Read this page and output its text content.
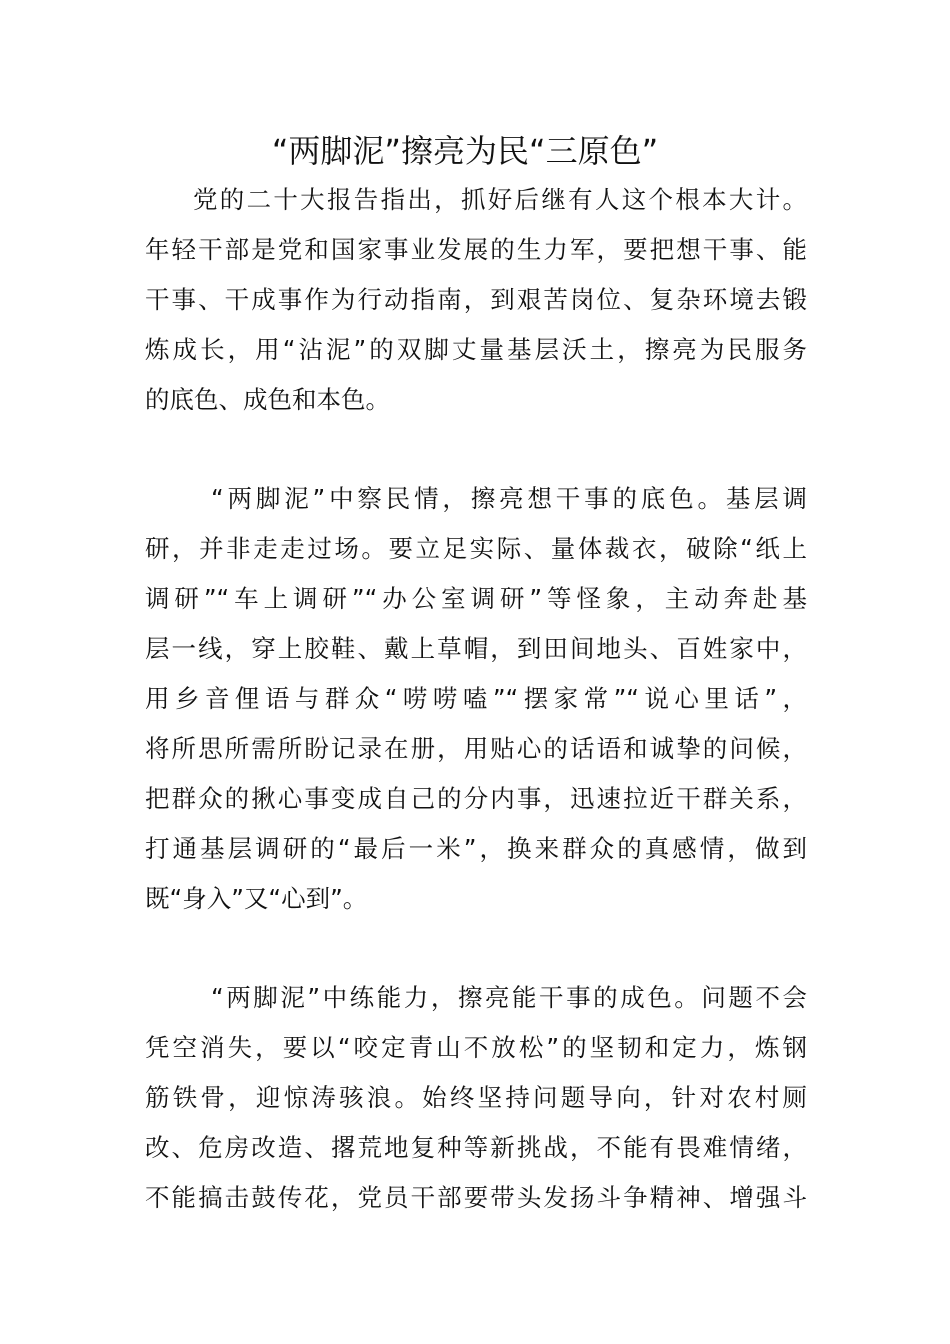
“两脚泥”擦亮为民“三原色”
党的二十大报告指出，抓好后继有人这个根本大计。
年轻干部是党和国家事业发展的生力军，要把想干事、能
干事、干成事作为行动指南，到艰苦岗位、复杂环境去锻
炼成长，用“沾泥”的双脚丈量基层沃土，擦亮为民服务
的底色、成色和本色。
“两脚泥”中察民情，擦亮想干事的底色。基层调
研，并非走走过场。要立足实际、量体裁衣，破除“纸上
调研”“车上调研”“办公室调研”等怪象，主动奔赴基
层一线，穿上胶鞋、戴上草帽，到田间地头、百姓家中，
用乡音俚语与群众“唠唠嗑”“摆家常”“说心里话”，
将所思所需所盼记录在册，用贴心的话语和诚挚的问候，
把群众的揪心事变成自己的分内事，迅速拉近干群关系，
打通基层调研的“最后一米”，换来群众的真感情，做到
既“身入”又“心到”。
“两脚泥”中练能力，擦亮能干事的成色。问题不会
凭空消失，要以“咬定青山不放松”的坚韧和定力，炼钢
筋铁骨，迎惊涛骇浪。始终坚持问题导向，针对农村厕
改、危房改造、撂荒地复种等新挑战，不能有畏难情绪，
不能搞击鼓传花，党员干部要带头发扬斗争精神、增强斗
